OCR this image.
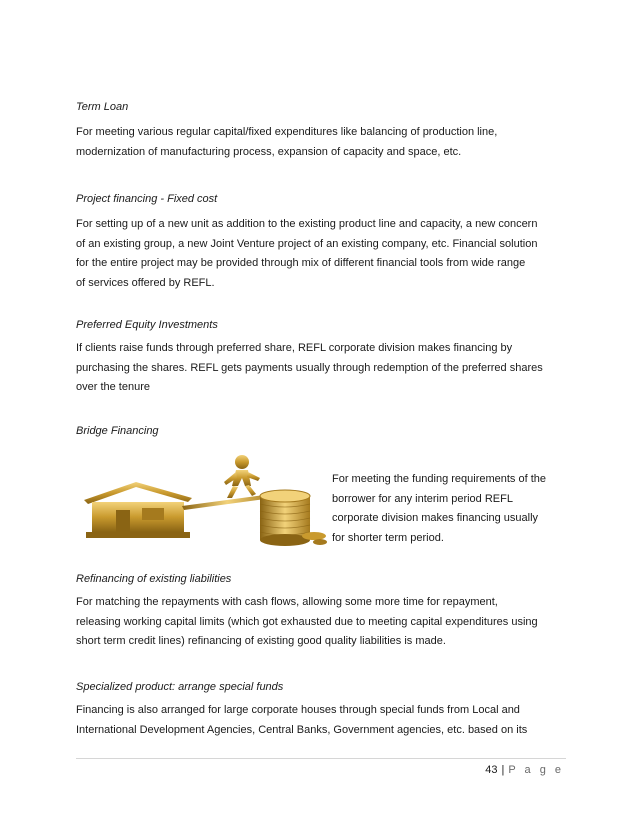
Term Loan
For meeting various regular capital/fixed expenditures like balancing of production line,
modernization of manufacturing process, expansion of capacity and space, etc.
Project financing - Fixed cost
For setting up of a new unit as addition to the existing product line and capacity, a new concern
of an existing group, a new Joint Venture project of an existing company, etc. Financial solution
for the entire project may be provided through mix of different financial tools from wide range
of services offered by REFL.
Preferred Equity Investments
If clients raise funds through preferred share, REFL corporate division makes financing by
purchasing the shares. REFL gets payments usually through redemption of the preferred shares
over the tenure
Bridge Financing
For meeting the funding requirements of the
borrower for any interim period REFL
corporate division makes financing usually
for shorter term period.
Refinancing of existing liabilities
For matching the repayments with cash flows, allowing some more time for repayment,
releasing working capital limits (which got exhausted due to meeting capital expenditures using
short term credit lines) refinancing of existing good quality liabilities is made.
Specialized product: arrange special funds
Financing is also arranged for large corporate houses through special funds from Local and
International Development Agencies, Central Banks, Government agencies, etc. based on its
43 | P a g e
